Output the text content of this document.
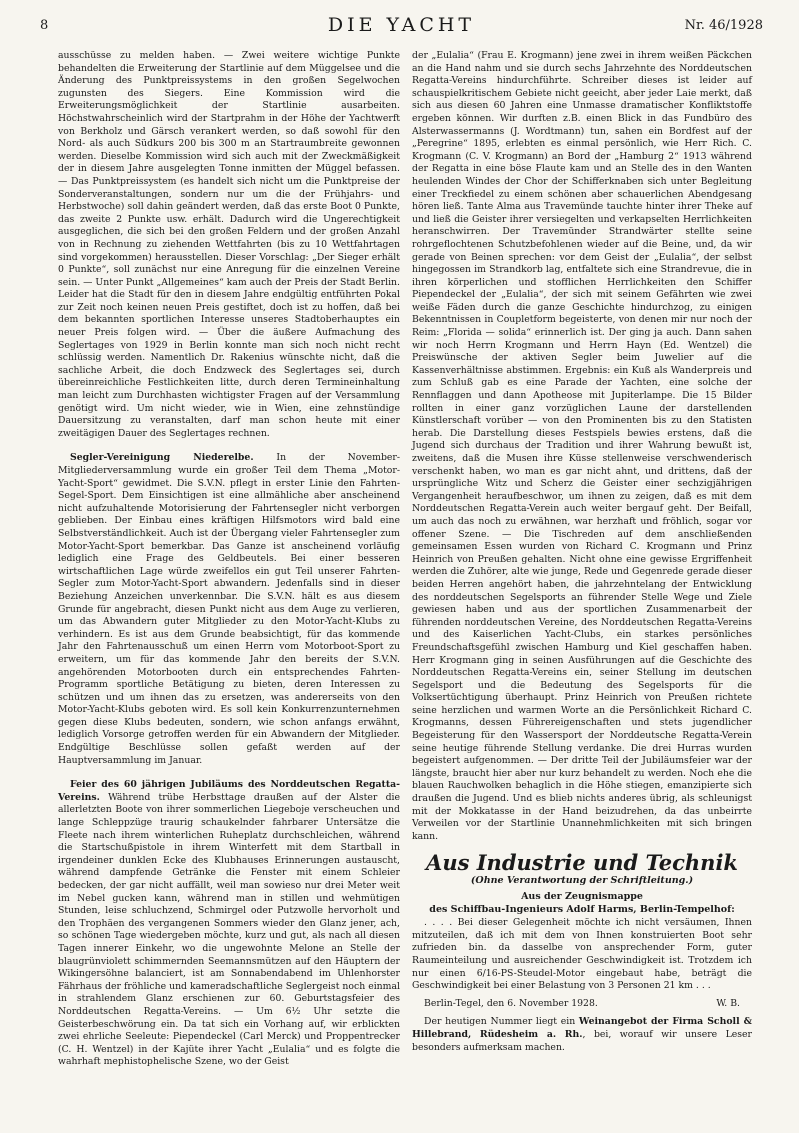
8	DIE YACHT	Nr. 46/1928

ausschüsse zu melden haben. — Zwei weitere wichtige Punkte behandelten die Erweiterung der Startlinie auf dem Müggelsee und die Änderung des Punktpreissystems in den großen Segelwochen zugunsten des Siegers. Eine Kommission wird die Erweiterungsmöglichkeit der Startlinie ausarbeiten. Höchstwahrscheinlich wird der Startprahm in der Höhe der Yachtwerft von Berkholz und Gärsch verankert werden, so daß sowohl für den Nord- als auch Südkurs 200 bis 300 m an Startraumbreite gewonnen werden. Dieselbe Kommission wird sich auch mit der Zweckmäßigkeit der in diesem Jahre ausgelegten Tonne inmitten der Müggel befassen. — Das Punktpreissystem (es handelt sich nicht um die Punktpreise der Sonderveranstaltungen, sondern nur um die der Frühjahrs- und Herbstwoche) soll dahin geändert werden, daß das erste Boot 0 Punkte, das zweite 2 Punkte usw. erhält. Dadurch wird die Ungerechtigkeit ausgeglichen, die sich bei den großen Feldern und der großen Anzahl von in Rechnung zu ziehenden Wettfahrten (bis zu 10 Wettfahrtagen sind vorgekommen) herausstellen. Dieser Vorschlag: „Der Sieger erhält 0 Punkte“, soll zunächst nur eine Anregung für die einzelnen Vereine sein. — Unter Punkt „Allgemeines“ kam auch der Preis der Stadt Berlin. Leider hat die Stadt für den in diesem Jahre endgültig entführten Pokal zur Zeit noch keinen neuen Preis gestiftet, doch ist zu hoffen, daß bei dem bekannten sportlichen Interesse unseres Stadtoberhauptes ein neuer Preis folgen wird. — Über die äußere Aufmachung des Seglertages von 1929 in Berlin konnte man sich noch nicht recht schlüssig werden. Namentlich Dr. Rakenius wünschte nicht, daß die sachliche Arbeit, die doch Endzweck des Seglertages sei, durch übereinreichliche Festlichkeiten litte, durch deren Termineinhaltung man leicht zum Durchhasten wichtigster Fragen auf der Versammlung genötigt wird. Um nicht wieder, wie in Wien, eine zehnstündige Dauersitzung zu veranstalten, darf man schon heute mit einer zweitägigen Dauer des Seglertages rechnen.

Segler-Vereinigung Niederelbe. In der November-Mitgliederversammlung wurde ein großer Teil dem Thema „Motor-Yacht-Sport“ gewidmet. Die S.V.N. pflegt in erster Linie den Fahrten-Segel-Sport. Dem Einsichtigen ist eine allmähliche aber anscheinend nicht aufzuhaltende Motorisierung der Fahrtensegler nicht verborgen geblieben. Der Einbau eines kräftigen Hilfsmotors wird bald eine Selbstverständlichkeit. Auch ist der Übergang vieler Fahrtensegler zum Motor-Yacht-Sport bemerkbar. Das Ganze ist anscheinend vorläufig lediglich eine Frage des Geldbeutels. Bei einer besseren wirtschaftlichen Lage würde zweifellos ein gut Teil unserer Fahrten-Segler zum Motor-Yacht-Sport abwandern. Jedenfalls sind in dieser Beziehung Anzeichen unverkennbar. Die S.V.N. hält es aus diesem Grunde für angebracht, diesen Punkt nicht aus dem Auge zu verlieren, um das Abwandern guter Mitglieder zu den Motor-Yacht-Klubs zu verhindern. Es ist aus dem Grunde beabsichtigt, für das kommende Jahr den Fahrtenausschuß um einen Herrn vom Motorboot-Sport zu erweitern, um für das kommende Jahr den bereits der S.V.N. angehörenden Motorbooten durch ein entsprechendes Fahrten-Programm sportliche Betätigung zu bieten, deren Interessen zu schützen und um ihnen das zu ersetzen, was andererseits von den Motor-Yacht-Klubs geboten wird. Es soll kein Konkurrenzunternehmen gegen diese Klubs bedeuten, sondern, wie schon anfangs erwähnt, lediglich Vorsorge getroffen werden für ein Abwandern der Mitglieder. Endgültige Beschlüsse sollen gefaßt werden auf der Hauptversammlung im Januar.

Feier des 60 jährigen Jubiläums des Norddeutschen Regatta-Vereins. Während trübe Herbsttage draußen auf der Alster die allerletzten Boote von ihrer sommerlichen Liegeboje verscheuchen und lange Schleppzüge traurig schaukelnder fahrbarer Untersätze die Fleete nach ihrem winterlichen Ruheplatz durchschleichen, während die Startschußpistole in ihrem Winterfett mit dem Startball in irgendeiner dunklen Ecke des Klubhauses Erinnerungen austauscht, während dampfende Getränke die Fenster mit einem Schleier bedecken, der gar nicht auffällt, weil man sowieso nur drei Meter weit im Nebel gucken kann, während man in stillen und wehmütigen Stunden, leise schluchzend, Schmirgel oder Putzwolle hervorholt und den Trophäen des vergangenen Sommers wieder den Glanz jener, ach, so schönen Tage wiedergeben möchte, kurz und gut, als nach all diesen Tagen innerer Einkehr, wo die ungewohnte Melone an Stelle der blaugrünviolett schimmernden Seemannsmützen auf den Häuptern der Wikingersöhne balanciert, ist am Sonnabendabend im Uhlenhorster Fährhaus der fröhliche und kameradschaftliche Seglergeist noch einmal in strahlendem Glanz erschienen zur 60. Geburtstagsfeier des Norddeutschen Regatta-Vereins. — Um 6½ Uhr setzte die Geisterbeschwörung ein. Da tat sich ein Vorhang auf, wir erblickten zwei ehrliche Seeleute: Piependeckel (Carl Merck) und Proppentrecker (C. H. Wentzel) in der Kajüte ihrer Yacht „Eulalia“ und es folgte die wahrhaft mephistophelische Szene, wo der Geist

der „Eulalia“ (Frau E. Krogmann) jene zwei in ihrem weißen Päckchen an die Hand nahm und sie durch sechs Jahrzehnte des Norddeutschen Regatta-Vereins hindurchführte. Schreiber dieses ist leider auf schauspielkritischem Gebiete nicht geeicht, aber jeder Laie merkt, daß sich aus diesen 60 Jahren eine Unmasse dramatischer Konfliktstoffe ergeben können. Wir durften z.B. einen Blick in das Fundbüro des Alsterwassermanns (J. Wordtmann) tun, sahen ein Bordfest auf der „Peregrine“ 1895, erlebten es einmal persönlich, wie Herr Rich. C. Krogmann (C. V. Krogmann) an Bord der „Hamburg 2“ 1913 während der Regatta in eine böse Flaute kam und an Stelle des in den Wanten heulenden Windes der Chor der Schifferknaben sich unter Begleitung einer Treckfiedel zu einem schönen aber schauerlichen Abendgesang hören ließ. Tante Alma aus Travemünde tauchte hinter ihrer Theke auf und ließ die Geister ihrer versiegelten und verkapselten Herrlichkeiten heranschwirren. Der Travemünder Strandwärter stellte seine rohrgeflochtenen Schutzbefohlenen wieder auf die Beine, und, da wir gerade von Beinen sprechen: vor dem Geist der „Eulalia“, der selbst hingegossen im Strandkorb lag, entfaltete sich eine Strandrevue, die in ihren körperlichen und stofflichen Herrlichkeiten den Schiffer Piependeckel der „Eulalia“, der sich mit seinem Gefährten wie zwei weiße Fäden durch die ganze Geschichte hindurchzog, zu einigen Bekenntnissen in Coupletform begeisterte, von denen mir nur noch der Reim: „Florida — solida“ erinnerlich ist. Der ging ja auch. Dann sahen wir noch Herrn Krogmann und Herrn Hayn (Ed. Wentzel) die Preiswünsche der aktiven Segler beim Juwelier auf die Kassenverhältnisse abstimmen. Ergebnis: ein Kuß als Wanderpreis und zum Schluß gab es eine Parade der Yachten, eine solche der Rennflaggen und dann Apotheose mit Jupiterlampe. Die 15 Bilder rollten in einer ganz vorzüglichen Laune der darstellenden Künstlerschaft vorüber — von den Prominenten bis zu den Statisten herab. Die Darstellung dieses Festspiels bewies erstens, daß die Jugend sich durchaus der Tradition und ihrer Wahrung bewußt ist, zweitens, daß die Musen ihre Küsse stellenweise verschwenderisch verschenkt haben, wo man es gar nicht ahnt, und drittens, daß der ursprüngliche Witz und Scherz die Geister einer sechzigjährigen Vergangenheit heraufbeschwor, um ihnen zu zeigen, daß es mit dem Norddeutschen Regatta-Verein auch weiter bergauf geht. Der Beifall, um auch das noch zu erwähnen, war herzhaft und fröhlich, sogar vor offener Szene. — Die Tischreden auf dem anschließenden gemeinsamen Essen wurden von Richard C. Krogmann und Prinz Heinrich von Preußen gehalten. Nicht ohne eine gewisse Ergriffenheit werden die Zuhörer, alte wie junge, Rede und Gegenrede gerade dieser beiden Herren angehört haben, die jahrzehntelang der Entwicklung des norddeutschen Segelsports an führender Stelle Wege und Ziele gewiesen haben und aus der sportlichen Zusammenarbeit der führenden norddeutschen Vereine, des Norddeutschen Regatta-Vereins und des Kaiserlichen Yacht-Clubs, ein starkes persönliches Freundschaftsgefühl zwischen Hamburg und Kiel geschaffen haben. Herr Krogmann ging in seinen Ausführungen auf die Geschichte des Norddeutschen Regatta-Vereins ein, seiner Stellung im deutschen Segelsport und die Bedeutung des Segelsports für die Volksertüchtigung überhaupt. Prinz Heinrich von Preußen richtete seine herzlichen und warmen Worte an die Persönlichkeit Richard C. Krogmanns, dessen Führereigenschaften und stets jugendlicher Begeisterung für den Wassersport der Norddeutsche Regatta-Verein seine heutige führende Stellung verdanke. Die drei Hurras wurden begeistert aufgenommen. — Der dritte Teil der Jubiläumsfeier war der längste, braucht hier aber nur kurz behandelt zu werden. Noch ehe die blauen Rauchwolken behaglich in die Höhe stiegen, emanzipierte sich draußen die Jugend. Und es blieb nichts anderes übrig, als schleunigst mit der Mokkatasse in der Hand beizudrehen, da das unbeirrte Verweilen vor der Startlinie Unannehmlichkeiten mit sich bringen kann.

Aus Industrie und Technik
(Ohne Verantwortung der Schriftleitung.)
Aus der Zeugnismappe
des Schiffbau-Ingenieurs Adolf Harms, Berlin-Tempelhof:

. . . . Bei dieser Gelegenheit möchte ich nicht versäumen, Ihnen mitzuteilen, daß ich mit dem von Ihnen konstruierten Boot sehr zufrieden bin. da dasselbe von ansprechender Form, guter Raumeinteilung und ausreichender Geschwindigkeit ist. Trotzdem ich nur einen 6/16-PS-Steudel-Motor eingebaut habe, beträgt die Geschwindigkeit bei einer Belastung von 3 Personen 21 km . . .

Berlin-Tegel, den 6. November 1928.	W. B.

Der heutigen Nummer liegt ein Weinangebot der Firma Scholl & Hillebrand, Rüdesheim a. Rh., bei, worauf wir unsere Leser besonders aufmerksam machen.
